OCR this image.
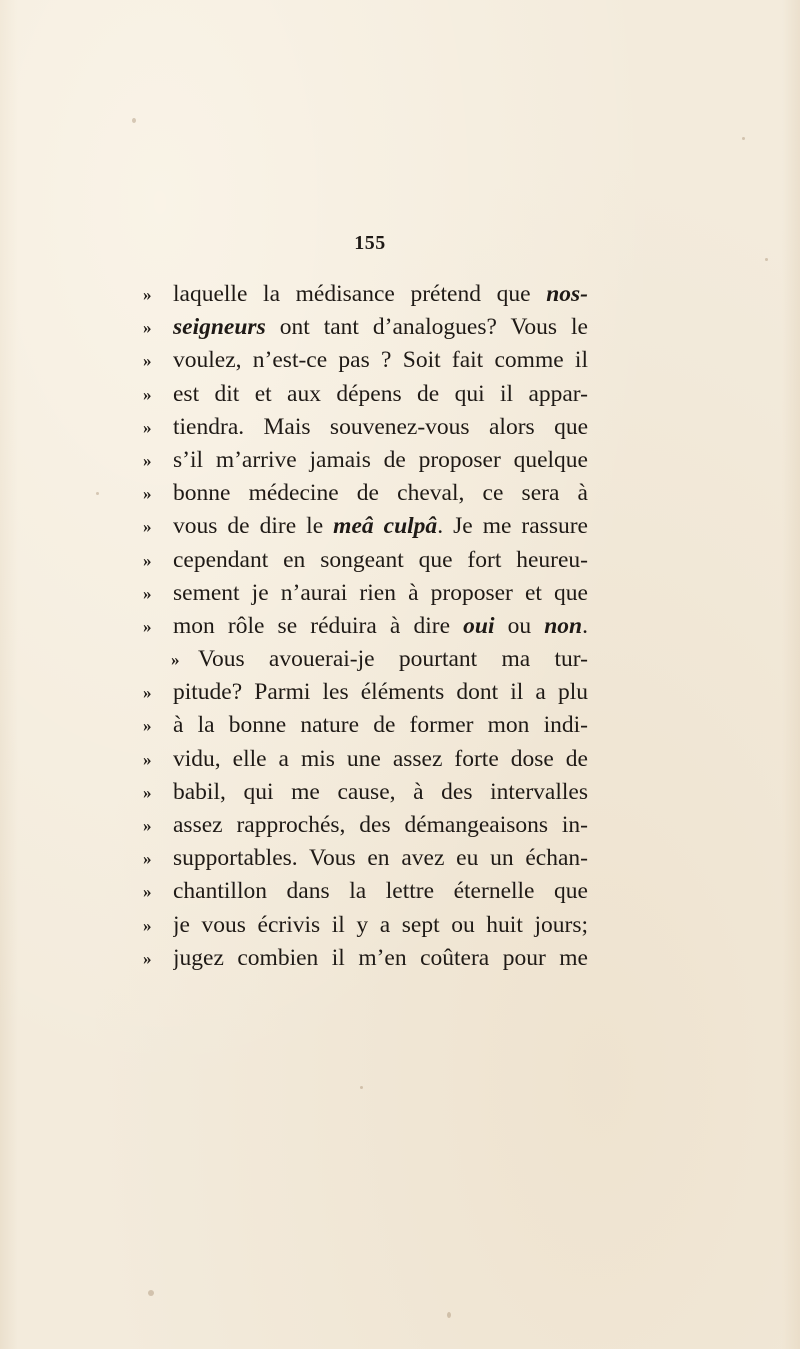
155
» laquelle la médisance prétend que nos-
» seigneurs ont tant d’analogues? Vous le
» voulez, n’est-ce pas ? Soit fait comme il
» est dit et aux dépens de qui il appar-
» tiendra. Mais souvenez-vous alors que
» s’il m’arrive jamais de proposer quelque
» bonne médecine de cheval, ce sera à
» vous de dire le meâ culpâ. Je me rassure
» cependant en songeant que fort heureu-
» sement je n’aurai rien à proposer et que
» mon rôle se réduira à dire oui ou non.
» Vous avouerai-je pourtant ma tur-
» pitude? Parmi les éléments dont il a plu
» à la bonne nature de former mon indi-
» vidu, elle a mis une assez forte dose de
» babil, qui me cause, à des intervalles
» assez rapprochés, des démangeaisons in-
» supportables. Vous en avez eu un échan-
» chantillon dans la lettre éternelle que
» je vous écrivis il y a sept ou huit jours;
» jugez combien il m’en coûtera pour me
